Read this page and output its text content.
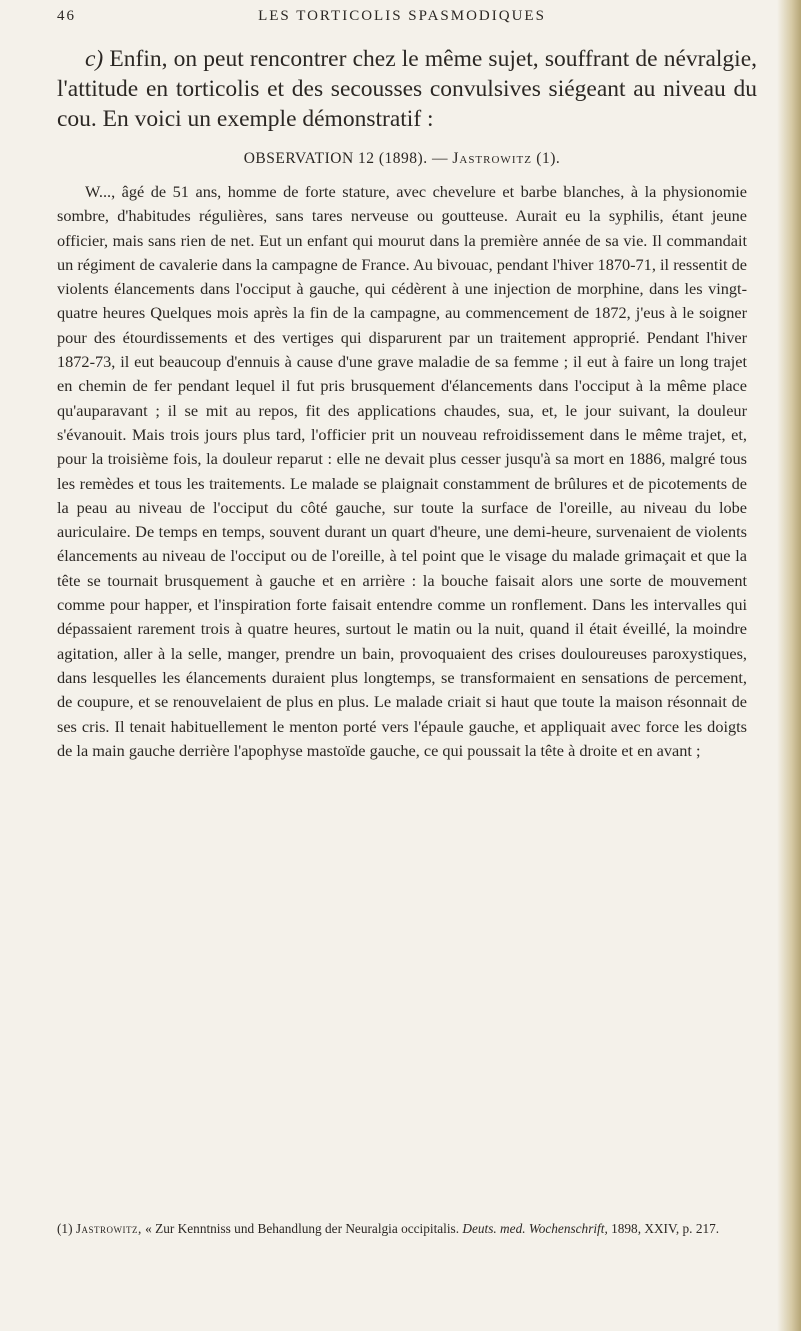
46	LES TORTICOLIS SPASMODIQUES

c) Enfin, on peut rencontrer chez le même sujet, souffrant de névralgie, l'attitude en torticolis et des secousses convulsives siégeant au niveau du cou. En voici un exemple démonstratif :

OBSERVATION 12 (1898). — Jastrowitz (1).

W..., âgé de 51 ans, homme de forte stature, avec chevelure et barbe blanches, à la physionomie sombre, d'habitudes régulières, sans tares nerveuse ou goutteuse. Aurait eu la syphilis, étant jeune officier, mais sans rien de net. Eut un enfant qui mourut dans la première année de sa vie. Il commandait un régiment de cavalerie dans la campagne de France. Au bivouac, pendant l'hiver 1870-71, il ressentit de violents élancements dans l'occiput à gauche, qui cédèrent à une injection de morphine, dans les vingt-quatre heures Quelques mois après la fin de la campagne, au commencement de 1872, j'eus à le soigner pour des étourdissements et des vertiges qui disparurent par un traitement approprié. Pendant l'hiver 1872-73, il eut beaucoup d'ennuis à cause d'une grave maladie de sa femme ; il eut à faire un long trajet en chemin de fer pendant lequel il fut pris brusquement d'élancements dans l'occiput à la même place qu'auparavant ; il se mit au repos, fit des applications chaudes, sua, et, le jour suivant, la douleur s'évanouit. Mais trois jours plus tard, l'officier prit un nouveau refroidissement dans le même trajet, et, pour la troisième fois, la douleur reparut : elle ne devait plus cesser jusqu'à sa mort en 1886, malgré tous les remèdes et tous les traitements. Le malade se plaignait constamment de brûlures et de picotements de la peau au niveau de l'occiput du côté gauche, sur toute la surface de l'oreille, au niveau du lobe auriculaire. De temps en temps, souvent durant un quart d'heure, une demi-heure, survenaient de violents élancements au niveau de l'occiput ou de l'oreille, à tel point que le visage du malade grimaçait et que la tête se tournait brusquement à gauche et en arrière : la bouche faisait alors une sorte de mouvement comme pour happer, et l'inspiration forte faisait entendre comme un ronflement. Dans les intervalles qui dépassaient rarement trois à quatre heures, surtout le matin ou la nuit, quand il était éveillé, la moindre agitation, aller à la selle, manger, prendre un bain, provoquaient des crises douloureuses paroxystiques, dans lesquelles les élancements duraient plus longtemps, se transformaient en sensations de percement, de coupure, et se renouvelaient de plus en plus. Le malade criait si haut que toute la maison résonnait de ses cris. Il tenait habituellement le menton porté vers l'épaule gauche, et appliquait avec force les doigts de la main gauche derrière l'apophyse mastoïde gauche, ce qui poussait la tête à droite et en avant ;

(1) Jastrowitz, « Zur Kenntniss und Behandlung der Neuralgia occipitalis. Deuts. med. Wochenschrift, 1898, XXIV, p. 217.
